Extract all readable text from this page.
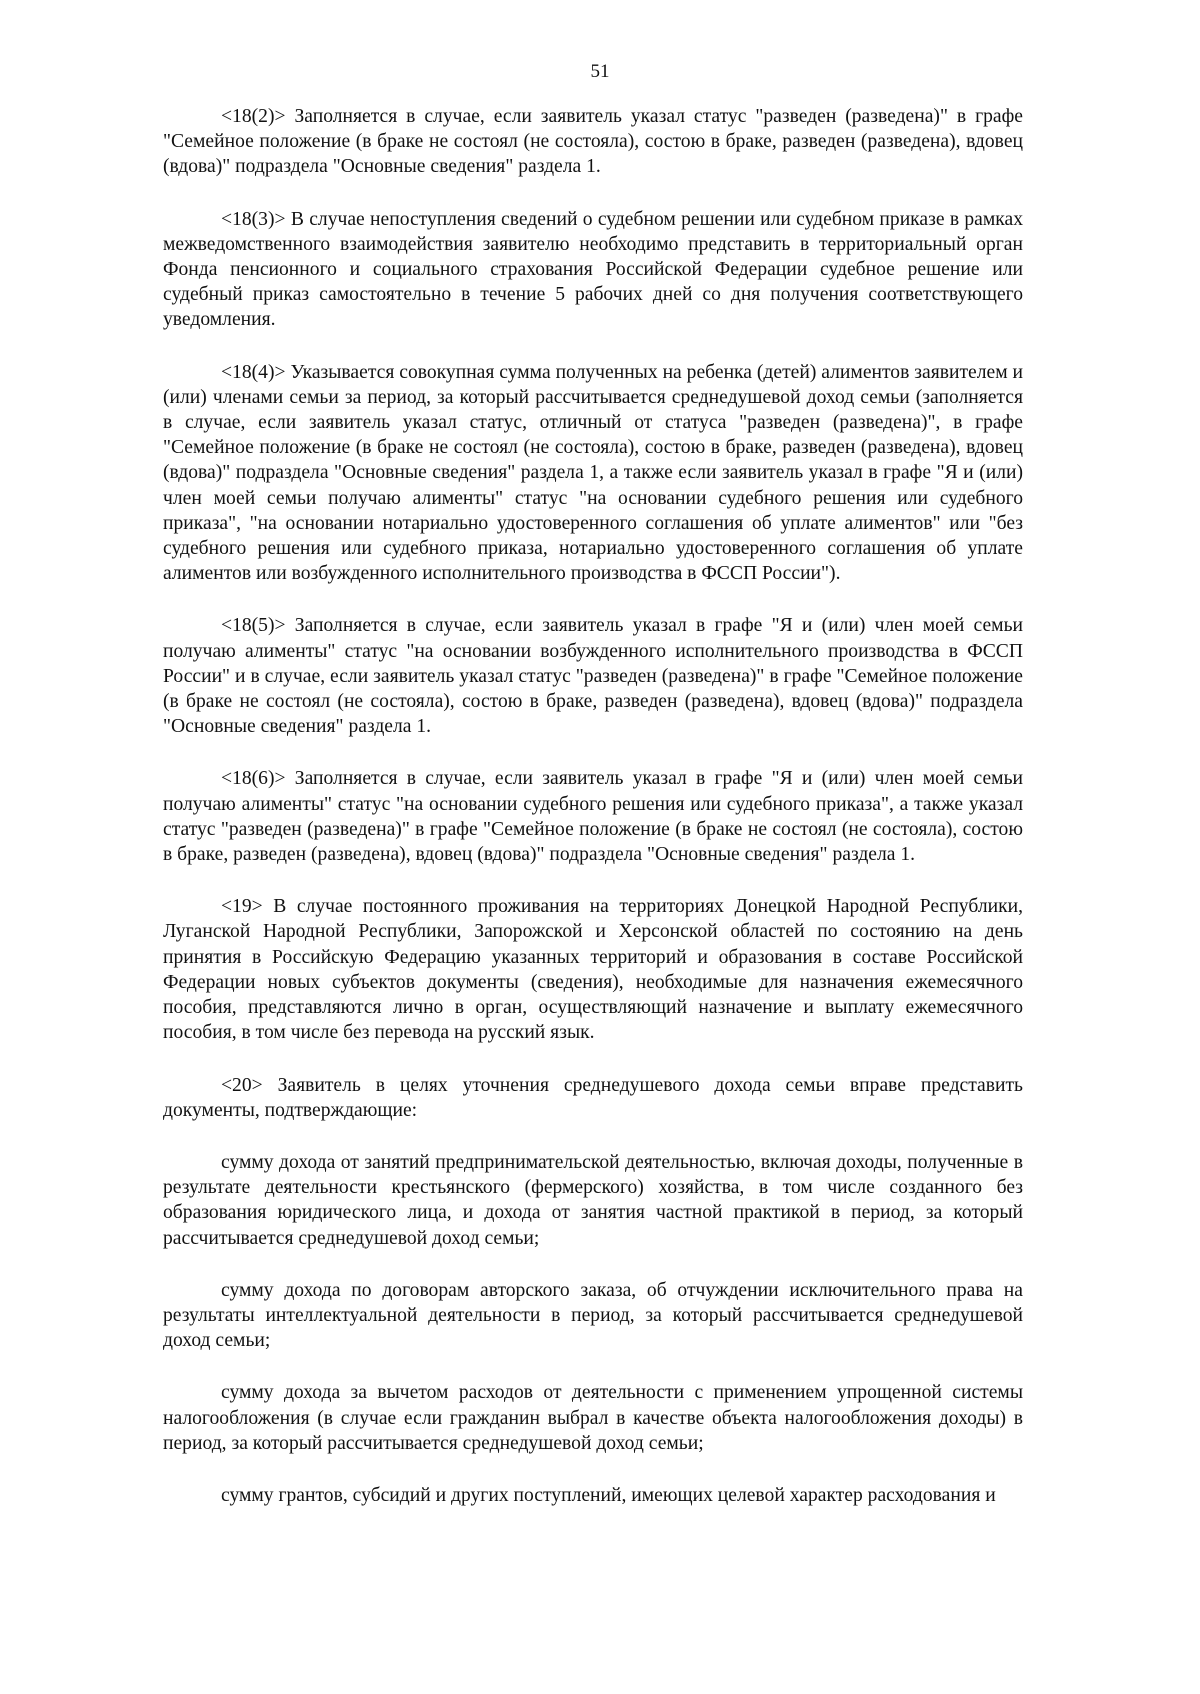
51

<18(2)> Заполняется в случае, если заявитель указал статус "разведен (разведена)" в графе "Семейное положение (в браке не состоял (не состояла), состою в браке, разведен (разведена), вдовец (вдова)" подраздела "Основные сведения" раздела 1.

<18(3)> В случае непоступления сведений о судебном решении или судебном приказе в рамках межведомственного взаимодействия заявителю необходимо представить в территориальный орган Фонда пенсионного и социального страхования Российской Федерации судебное решение или судебный приказ самостоятельно в течение 5 рабочих дней со дня получения соответствующего уведомления.

<18(4)> Указывается совокупная сумма полученных на ребенка (детей) алиментов заявителем и (или) членами семьи за период, за который рассчитывается среднедушевой доход семьи (заполняется в случае, если заявитель указал статус, отличный от статуса "разведен (разведена)", в графе "Семейное положение (в браке не состоял (не состояла), состою в браке, разведен (разведена), вдовец (вдова)" подраздела "Основные сведения" раздела 1, а также если заявитель указал в графе "Я и (или) член моей семьи получаю алименты" статус "на основании судебного решения или судебного приказа", "на основании нотариально удостоверенного соглашения об уплате алиментов" или "без судебного решения или судебного приказа, нотариально удостоверенного соглашения об уплате алиментов или возбужденного исполнительного производства в ФССП России").

<18(5)> Заполняется в случае, если заявитель указал в графе "Я и (или) член моей семьи получаю алименты" статус "на основании возбужденного исполнительного производства в ФССП России" и в случае, если заявитель указал статус "разведен (разведена)" в графе "Семейное положение (в браке не состоял (не состояла), состою в браке, разведен (разведена), вдовец (вдова)" подраздела "Основные сведения" раздела 1.

<18(6)> Заполняется в случае, если заявитель указал в графе "Я и (или) член моей семьи получаю алименты" статус "на основании судебного решения или судебного приказа", а также указал статус "разведен (разведена)" в графе "Семейное положение (в браке не состоял (не состояла), состою в браке, разведен (разведена), вдовец (вдова)" подраздела "Основные сведения" раздела 1.

<19> В случае постоянного проживания на территориях Донецкой Народной Республики, Луганской Народной Республики, Запорожской и Херсонской областей по состоянию на день принятия в Российскую Федерацию указанных территорий и образования в составе Российской Федерации новых субъектов документы (сведения), необходимые для назначения ежемесячного пособия, представляются лично в орган, осуществляющий назначение и выплату ежемесячного пособия, в том числе без перевода на русский язык.

<20> Заявитель в целях уточнения среднедушевого дохода семьи вправе представить документы, подтверждающие:

сумму дохода от занятий предпринимательской деятельностью, включая доходы, полученные в результате деятельности крестьянского (фермерского) хозяйства, в том числе созданного без образования юридического лица, и дохода от занятия частной практикой в период, за который рассчитывается среднедушевой доход семьи;

сумму дохода по договорам авторского заказа, об отчуждении исключительного права на результаты интеллектуальной деятельности в период, за который рассчитывается среднедушевой доход семьи;

сумму дохода за вычетом расходов от деятельности с применением упрощенной системы налогообложения (в случае если гражданин выбрал в качестве объекта налогообложения доходы) в период, за который рассчитывается среднедушевой доход семьи;

сумму грантов, субсидий и других поступлений, имеющих целевой характер расходования и
